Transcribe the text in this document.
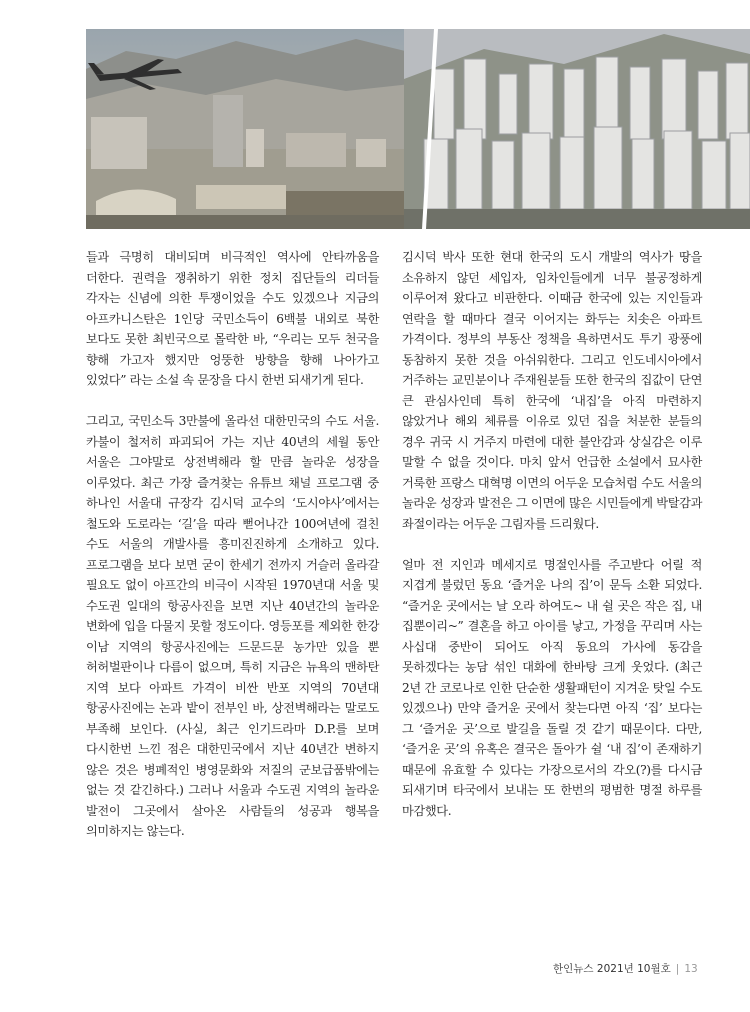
들과 극명히 대비되며 비극적인 역사에 안타까움을 더한다. 권력을 쟁취하기 위한 정치 집단들의 리더들 각자는 신념에 의한 투쟁이었을 수도 있겠으나 지금의 아프카니스탄은 1인당 국민소득이 6백불 내외로 북한 보다도 못한 최빈국으로 몰락한 바, “우리는 모두 천국을 향해 가고자 했지만 엉뚱한 방향을 향해 나아가고 있었다” 라는 소설 속 문장을 다시 한번 되새기게 된다.

그리고, 국민소득 3만불에 올라선 대한민국의 수도 서울. 카불이 철저히 파괴되어 가는 지난 40년의 세월 동안 서울은 그야말로 상전벽해라 할 만큼 놀라운 성장을 이루었다. 최근 가장 즐겨찾는 유튜브 채널 프로그램 중 하나인 서울대 규장각 김시덕 교수의 ‘도시야사’에서는 철도와 도로라는 ‘길’을 따라 뻗어나간 100여년에 걸친 수도 서울의 개발사를 흥미진진하게 소개하고 있다. 프로그램을 보다 보면 굳이 한세기 전까지 거슬러 올라갈 필요도 없이 아프간의 비극이 시작된 1970년대 서울 및 수도권 일대의 항공사진을 보면 지난 40년간의 놀라운 변화에 입을 다물지 못할 정도이다. 영등포를 제외한 한강 이남 지역의 항공사진에는 드문드문 농가만 있을 뿐 허허벌판이나 다름이 없으며, 특히 지금은 뉴욕의 맨하탄 지역 보다 아파트 가격이 비싼 반포 지역의 70년대 항공사진에는 논과 밭이 전부인 바, 상전벽해라는 말로도 부족해 보인다. (사실, 최근 인기드라마 D.P.를 보며 다시한번 느낀 점은 대한민국에서 지난 40년간 변하지 않은 것은 병폐적인 병영문화와 저질의 군보급품밖에는 없는 것 같긴하다.) 그러나 서울과 수도권 지역의 놀라운 발전이 그곳에서 살아온 사람들의 성공과 행복을 의미하지는 않는다.

김시덕 박사 또한 현대 한국의 도시 개발의 역사가 땅을 소유하지 않던 세입자, 임차인들에게 너무 불공정하게 이루어져 왔다고 비판한다. 이때금 한국에 있는 지인들과 연락을 할 때마다 결국 이어지는 화두는 치솟은 아파트 가격이다. 정부의 부동산 정책을 욕하면서도 투기 광풍에 동참하지 못한 것을 아쉬워한다. 그리고 인도네시아에서 거주하는 교민분이나 주재원분들 또한 한국의 집값이 단연 큰 관심사인데 특히 한국에 ‘내집’을 아직 마련하지 않았거나 해외 체류를 이유로 있던 집을 처분한 분들의 경우 귀국 시 거주지 마련에 대한 불안감과 상실감은 이루 말할 수 없을 것이다. 마치 앞서 언급한 소설에서 묘사한 거룩한 프랑스 대혁명 이면의 어두운 모습처럼 수도 서울의 놀라운 성장과 발전은 그 이면에 많은 시민들에게 박탈감과 좌절이라는 어두운 그림자를 드리웠다.

얼마 전 지인과 메세지로 명절인사를 주고받다 어릴 적 지겹게 불렀던 동요 ‘즐거운 나의 집’이 문득 소환 되었다. “즐거운 곳에서는 날 오라 하여도~ 내 쉴 곳은 작은 집, 내 집뿐이리~” 결혼을 하고 아이를 낳고, 가정을 꾸리며 사는 사십대 중반이 되어도 아직 동요의 가사에 동감을 못하겠다는 농담 섞인 대화에 한바탕 크게 웃었다. (최근 2년 간 코로나로 인한 단순한 생활패턴이 지겨운 탓일 수도 있겠으나) 만약 즐거운 곳에서 찾는다면 아직 ‘집’ 보다는 그 ‘즐거운 곳’으로 발길을 돌릴 것 같기 때문이다. 다만, ‘즐거운 곳’의 유혹은 결국은 돌아가 쉴 ‘내 집’이 존재하기 때문에 유효할 수 있다는 가장으로서의 각오(?)를 다시금 되새기며 타국에서 보내는 또 한번의 평범한 명절 하루를 마감했다.

한인뉴스 2021년 10월호 | 13
